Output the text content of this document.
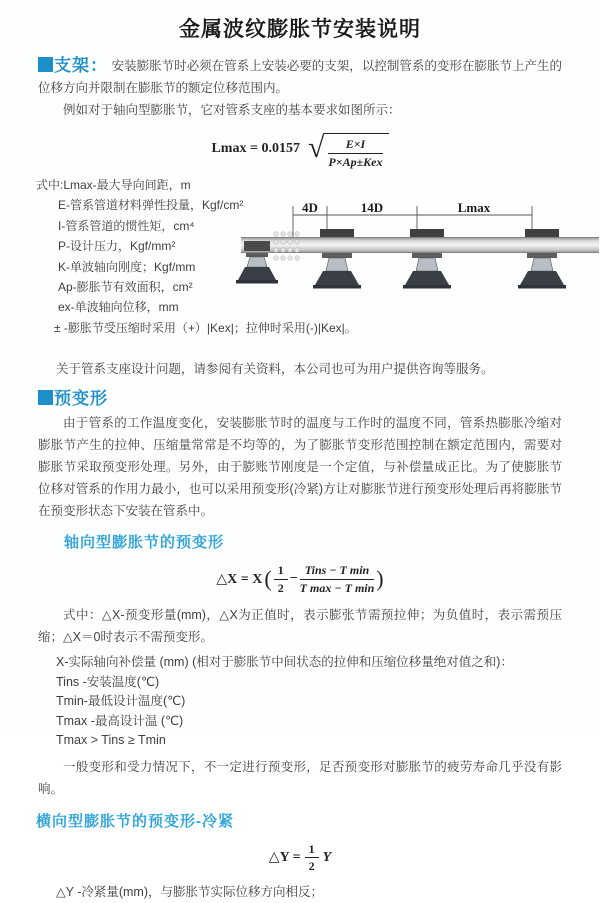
金属波纹膨胀节安装说明

支架： 安装膨胀节时必须在管系上安装必要的支架，以控制管系的变形在膨胀节上产生的位移方向并限制在膨胀节的额定位移范围内。

例如对于轴向型膨胀节，它对管系支座的基本要求如图所示：

Lmax = 0.0157 √ $\frac{E\times I}{\text{P×Ap±Kex}}$
式中:Lmax-最大导向间距，m
E-管系管道材料弹性投量，Kgf/cm²
I-管系管道的惯性矩，cm⁴
P-设计压力，Kgf/mm²
K-单波轴向刚度；Kgf/mm
Ap-膨胀节有效面积，cm²
ex-单波轴向位移，mm
± -膨胀节受压缩时采用（+）|Kex|；拉伸时采用(-)|Kex|。
4D	14D	Lmax

关于管系支座设计问题，请参阅有关资料，本公司也可为用户提供咨询等服务。

预变形

由于管系的工作温度变化，安装膨胀节时的温度与工作时的温度不同，管系热膨胀冷缩对膨胀节产生的拉伸、压缩量常常是不均等的，为了膨胀节变形范围控制在额定范围内，需要对膨胀节采取预变形处理。另外，由于膨账节刚度是一个定值，与补偿量成正比。为了使膨胀节位移对管系的作用力最小，也可以采用预变形(冷紧)方让对膨胀节进行预变形处理后再将膨胀节在预变形状态下安装在管系中。

轴向型膨胀节的预变形
△X = X ( $\frac{1}{2} - \frac{\text{Tins − T min}}{\text{T max − T min}}$ )

式中：△X-预变形量(mm)，△X为正值时，表示膨张节需预拉伸；为负值时，表示需预压缩；△X＝0时表示不需预变形。

X-实际轴向补偿量 (mm) (相对于膨胀节中间状态的拉伸和压缩位移量绝对值之和)：
Tins -安装温度(℃)
Tmin-最低设计温度(℃)
Tmax -最高设计温 (℃)
Tmax > Tins ≥ Tmin

一般变形和受力情况下，不一定进行预变形，足否预变形对膨胀节的疲劳寿命几乎没有影响。

横向型膨胀节的预变形-冷紧
△Y = $\frac{1}{2}$ Y

△Y -冷紧量(mm)，与膨胀节实际位移方向相反；
